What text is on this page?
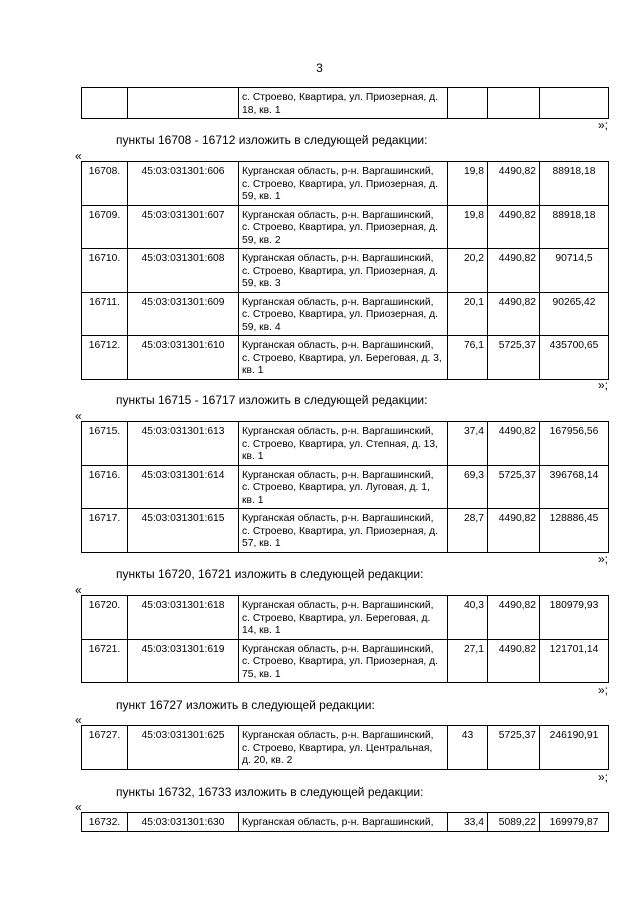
3
		с. Строево, Квартира, ул. Приозерная, д. 18, кв. 1			
»;
пункты 16708 - 16712 изложить в следующей редакции:
«
16708.	45:03:031301:606	Курганская область, р-н. Варгашинский, с. Строево, Квартира, ул. Приозерная, д. 59, кв. 1	19,8	4490,82	88918,18
16709.	45:03:031301:607	Курганская область, р-н. Варгашинский, с. Строево, Квартира, ул. Приозерная, д. 59, кв. 2	19,8	4490,82	88918,18
16710.	45:03:031301:608	Курганская область, р-н. Варгашинский, с. Строево, Квартира, ул. Приозерная, д. 59, кв. 3	20,2	4490,82	90714,5
16711.	45:03:031301:609	Курганская область, р-н. Варгашинский, с. Строево, Квартира, ул. Приозерная, д. 59, кв. 4	20,1	4490,82	90265,42
16712.	45:03:031301:610	Курганская область, р-н. Варгашинский, с. Строево, Квартира, ул. Береговая, д. 3, кв. 1	76,1	5725,37	435700,65
»;
пункты 16715 - 16717 изложить в следующей редакции:
«
16715.	45:03:031301:613	Курганская область, р-н. Варгашинский, с. Строево, Квартира, ул. Степная, д. 13, кв. 1	37,4	4490,82	167956,56
16716.	45:03:031301:614	Курганская область, р-н. Варгашинский, с. Строево, Квартира, ул. Луговая, д. 1, кв. 1	69,3	5725,37	396768,14
16717.	45:03:031301:615	Курганская область, р-н. Варгашинский, с. Строево, Квартира, ул. Приозерная, д. 57, кв. 1	28,7	4490,82	128886,45
»;
пункты 16720, 16721 изложить в следующей редакции:
«
16720.	45:03:031301:618	Курганская область, р-н. Варгашинский, с. Строево, Квартира, ул. Береговая, д. 14, кв. 1	40,3	4490,82	180979,93
16721.	45:03:031301:619	Курганская область, р-н. Варгашинский, с. Строево, Квартира, ул. Приозерная, д. 75, кв. 1	27,1	4490,82	121701,14
»;
пункт 16727 изложить в следующей редакции:
«
16727.	45:03:031301:625	Курганская область, р-н. Варгашинский, с. Строево, Квартира, ул. Центральная, д. 20, кв. 2	43	5725,37	246190,91
»;
пункты 16732, 16733 изложить в следующей редакции:
«
16732.	45:03:031301:630	Курганская область, р-н. Варгашинский,	33,4	5089,22	169979,87
